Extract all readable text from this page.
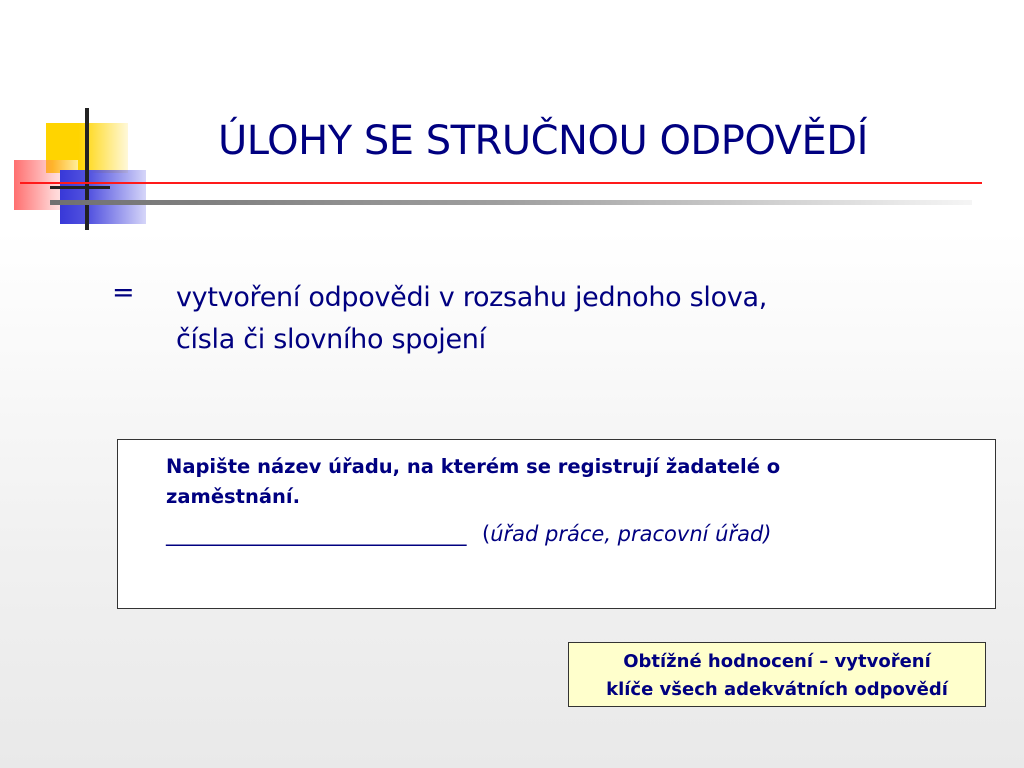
ÚLOHY SE STRUČNOU ODPOVĚDÍ
= vytvoření odpovědi v rozsahu jednoho slova,
čísla či slovního spojení
Napište název úřadu, na kterém se registrují žadatelé o
zaměstnání.
______________________________ (úřad práce, pracovní úřad)
Obtížné hodnocení – vytvoření
klíče všech adekvátních odpovědí
